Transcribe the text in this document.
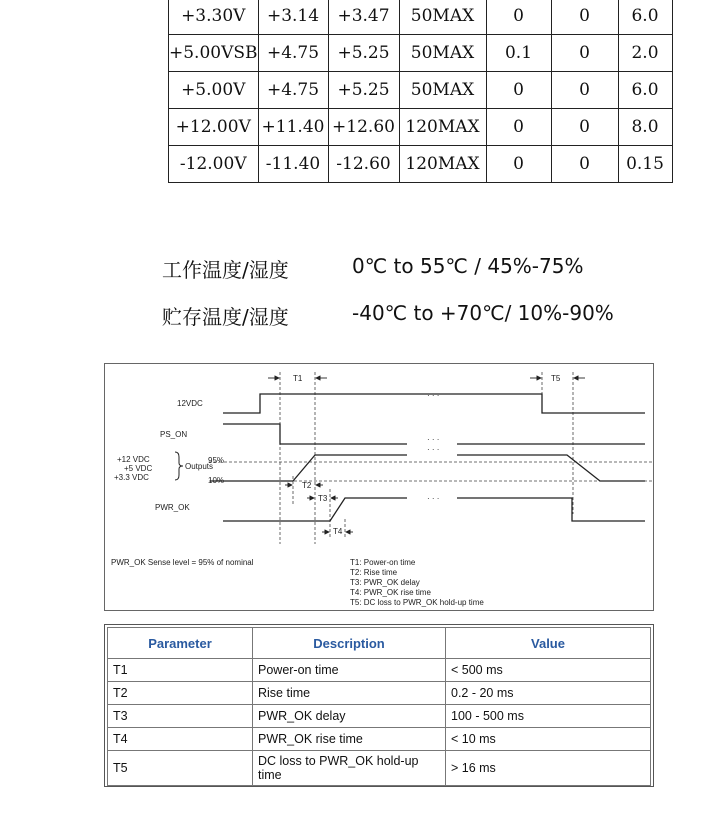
+3.30V	+3.14	+3.47	50MAX	0	0	6.0
+5.00VSB	+4.75	+5.25	50MAX	0.1	0	2.0
+5.00V	+4.75	+5.25	50MAX	0	0	6.0
+12.00V	+11.40	+12.60	120MAX	0	0	8.0
-12.00V	-11.40	-12.60	120MAX	0	0	0.15
工作温度/湿度	0℃ to 55℃ / 45%-75%
贮存温度/湿度	-40℃ to +70℃/ 10%-90%
12VDC
PS_ON
+12 VDC
+5 VDC
+3.3 VDC
Outputs
95%
10%
PWR_OK
T1	T5
T2
T3
T4
· · ·
· · ·
· · ·
· · ·
PWR_OK Sense level = 95% of nominal	T1: Power-on time
T2: Rise time
T3: PWR_OK delay
T4: PWR_OK rise time
T5: DC loss to PWR_OK hold-up time
Parameter	Description	Value
T1	Power-on time	< 500 ms
T2	Rise time	0.2 - 20 ms
T3	PWR_OK delay	100 - 500 ms
T4	PWR_OK rise time	< 10 ms
T5	DC loss to PWR_OK hold-up time	> 16 ms
